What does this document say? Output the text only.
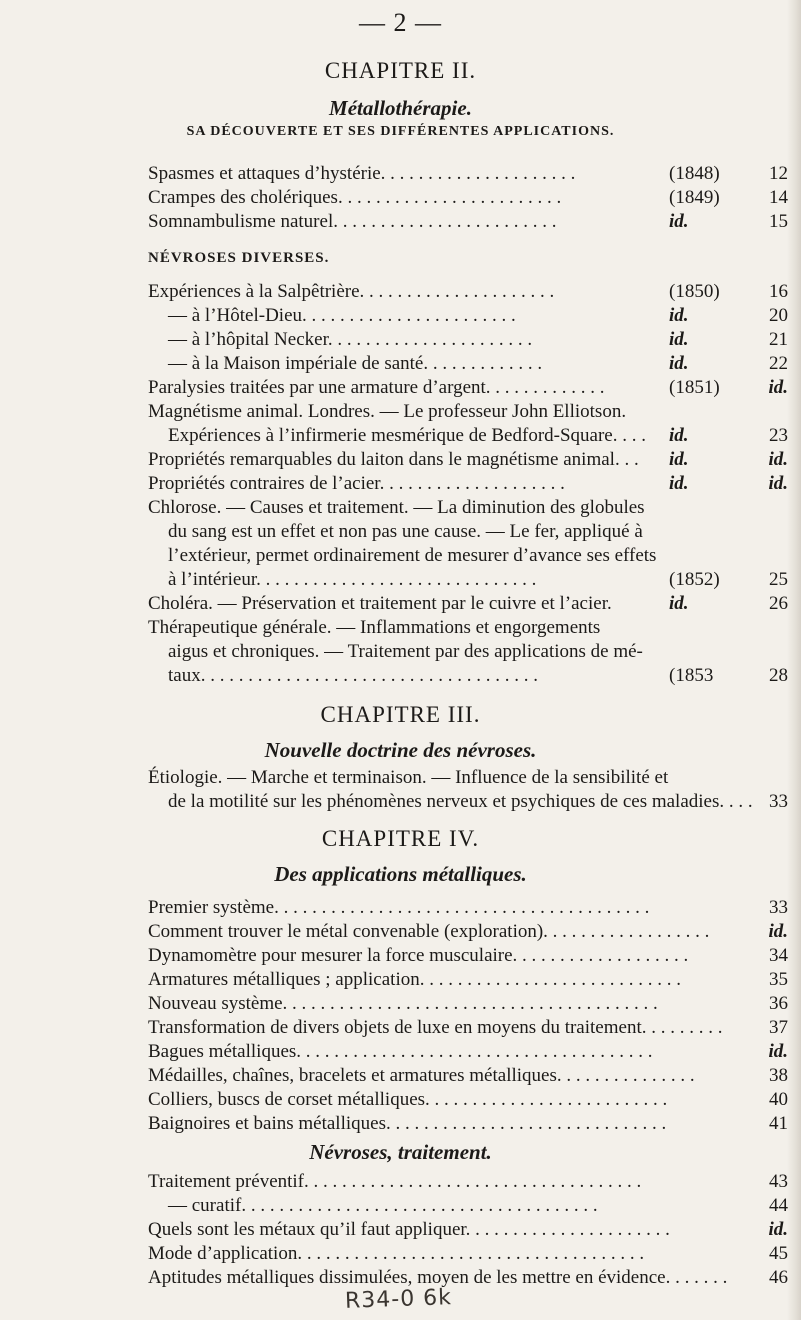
— 2 —
CHAPITRE II.
Métallothérapie.
SA DÉCOUVERTE ET SES DIFFÉRENTES APPLICATIONS.
Spasmes et attaques d’hystérie. . . . . . . . . . . . . . . . . . . . .	(1848)	12
Crampes des cholériques. . . . . . . . . . . . . . . . . . . . . . . .	(1849)	14
Somnambulisme naturel. . . . . . . . . . . . . . . . . . . . . . . .	id.	15
NÉVROSES DIVERSES.
Expériences à la Salpêtrière. . . . . . . . . . . . . . . . . . . . .	(1850)	16
— à l’Hôtel-Dieu. . . . . . . . . . . . . . . . . . . . . . .	id.	20
— à l’hôpital Necker. . . . . . . . . . . . . . . . . . . . . .	id.	21
— à la Maison impériale de santé. . . . . . . . . . . . .	id.	22
Paralysies traitées par une armature d’argent. . . . . . . . . . . . .	(1851)	id.
Magnétisme animal. Londres. — Le professeur John Elliotson.
Expériences à l’infirmerie mesmérique de Bedford-Square. . . . id.	23
Propriétés remarquables du laiton dans le magnétisme animal. . . id.	id.
Propriétés contraires de l’acier. . . . . . . . . . . . . . . . . . . .	id.	id.
Chlorose. — Causes et traitement. — La diminution des globules
du sang est un effet et non pas une cause. — Le fer, appliqué à
l’extérieur, permet ordinairement de mesurer d’avance ses effets
à l’intérieur. . . . . . . . . . . . . . . . . . . . . . . . . . . . . .	(1852)	25
Choléra. — Préservation et traitement par le cuivre et l’acier.	id.	26
Thérapeutique générale. — Inflammations et engorgements
aigus et chroniques. — Traitement par des applications de mé-
taux. . . . . . . . . . . . . . . . . . . . . . . . . . . . . . . . . . . .	(1853	28
CHAPITRE III.
Nouvelle doctrine des névroses.
Étiologie. — Marche et terminaison. — Influence de la sensibilité et
de la motilité sur les phénomènes nerveux et psychiques de ces maladies. . . . 33
CHAPITRE IV.
Des applications métalliques.
Premier système. . . . . . . . . . . . . . . . . . . . . . . . . . . . . . . . . . . . . . . .	33
Comment trouver le métal convenable (exploration). . . . . . . . . . . . . . . . . .	id.
Dynamomètre pour mesurer la force musculaire. . . . . . . . . . . . . . . . . . .	34
Armatures métalliques ; application. . . . . . . . . . . . . . . . . . . . . . . . . . . .	35
Nouveau système. . . . . . . . . . . . . . . . . . . . . . . . . . . . . . . . . . . . . . . .	36
Transformation de divers objets de luxe en moyens du traitement. . . . . . . . . 37
Bagues métalliques. . . . . . . . . . . . . . . . . . . . . . . . . . . . . . . . . . . . . .	id.
Médailles, chaînes, bracelets et armatures métalliques. . . . . . . . . . . . . . .	38
Colliers, buscs de corset métalliques. . . . . . . . . . . . . . . . . . . . . . . . . .	40
Baignoires et bains métalliques. . . . . . . . . . . . . . . . . . . . . . . . . . . . . .	41
Névroses, traitement.
Traitement préventif. . . . . . . . . . . . . . . . . . . . . . . . . . . . . . . . . . . .	43
— curatif. . . . . . . . . . . . . . . . . . . . . . . . . . . . . . . . . . . . . .	44
Quels sont les métaux qu’il faut appliquer. . . . . . . . . . . . . . . . . . . . . .	id.
Mode d’application. . . . . . . . . . . . . . . . . . . . . . . . . . . . . . . . . . . . .	45
Aptitudes métalliques dissimulées, moyen de les mettre en évidence. . . . . . . 46
R34-0 6k
